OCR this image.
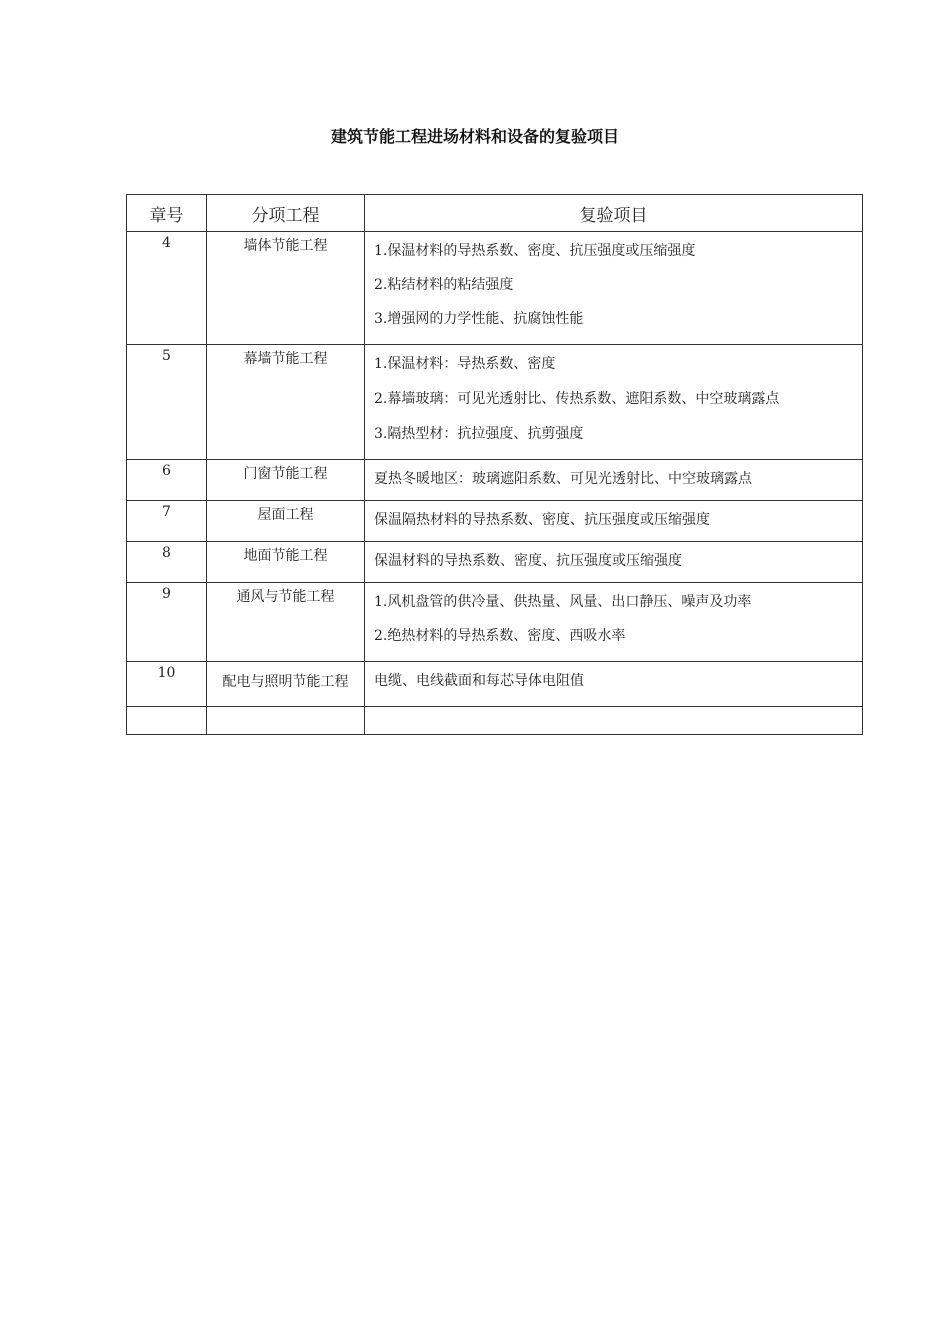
建筑节能工程进场材料和设备的复验项目
章号	分项工程	复验项目
4	墙体节能工程	1.保温材料的导热系数、密度、抗压强度或压缩强度
2.粘结材料的粘结强度
3.增强网的力学性能、抗腐蚀性能

5	幕墙节能工程	1.保温材料：导热系数、密度
2.幕墙玻璃：可见光透射比、传热系数、遮阳系数、中空玻璃露点
3.隔热型材：抗拉强度、抗剪强度

6	门窗节能工程	夏热冬暖地区：玻璃遮阳系数、可见光透射比、中空玻璃露点

7	屋面工程	保温隔热材料的导热系数、密度、抗压强度或压缩强度

8	地面节能工程	保温材料的导热系数、密度、抗压强度或压缩强度

9	通风与节能工程	1.风机盘管的供冷量、供热量、风量、出口静压、噪声及功率
2.绝热材料的导热系数、密度、西吸水率

10	配电与照明节能工程	电缆、电线截面和每芯导体电阻值
